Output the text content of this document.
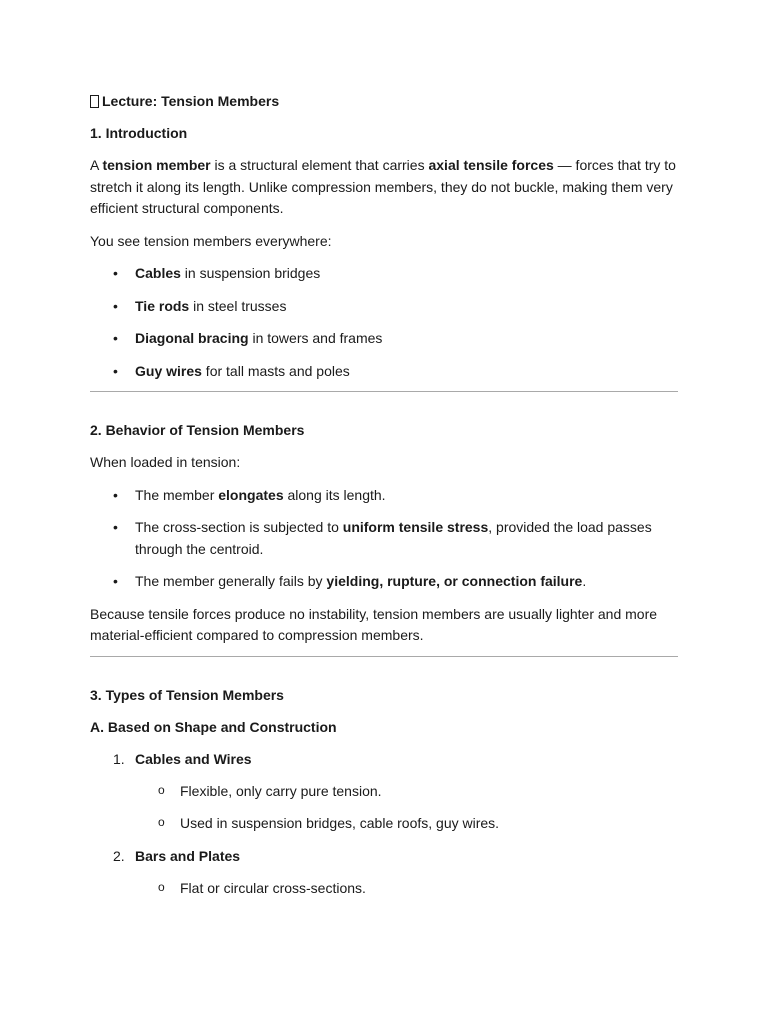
Lecture: Tension Members
1. Introduction

A tension member is a structural element that carries axial tensile forces — forces that try to stretch it along its length. Unlike compression members, they do not buckle, making them very efficient structural components.

You see tension members everywhere:

• Cables in suspension bridges
• Tie rods in steel trusses
• Diagonal bracing in towers and frames
• Guy wires for tall masts and poles
2. Behavior of Tension Members

When loaded in tension:

• The member elongates along its length.
• The cross-section is subjected to uniform tensile stress, provided the load passes through the centroid.
• The member generally fails by yielding, rupture, or connection failure.

Because tensile forces produce no instability, tension members are usually lighter and more material-efficient compared to compression members.

3. Types of Tension Members
A. Based on Shape and Construction
1. Cables and Wires
o Flexible, only carry pure tension.
o Used in suspension bridges, cable roofs, guy wires.
2. Bars and Plates
o Flat or circular cross-sections.
